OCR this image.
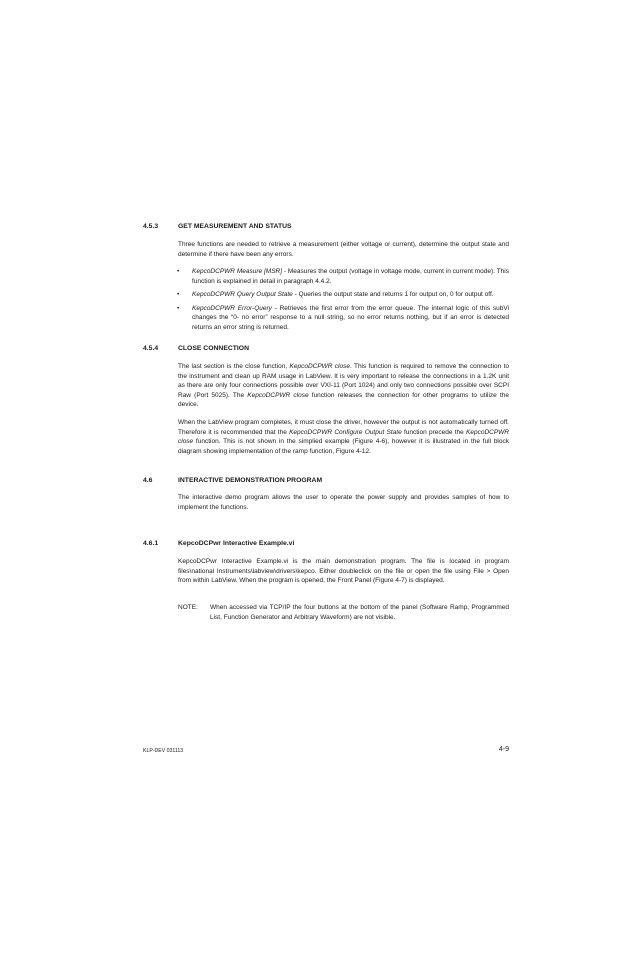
4.5.3	GET MEASUREMENT AND STATUS

Three functions are needed to retrieve a measurement (either voltage or current), determine the output state and determine if there have been any errors.

• KepcoDCPWR Measure [MSR] - Measures the output (voltage in voltage mode, current in current mode). This function is explained in detail in paragraph 4.4.2.
• KepcoDCPWR Query Output State - Queries the output state and returns 1 for output on, 0 for output off.
• KepcoDCPWR Error-Query - Retrieves the first error from the error queue. The internal logic of this subVi changes the “0- no error” response to a null string, so no error returns nothing, but if an error is detected returns an error string is returned.
4.5.4	CLOSE CONNECTION

The last section is the close function, KepcoDCPWR close. This function is required to remove the connection to the instrument and clean up RAM usage in LabView. It is very important to release the connections in a 1.2K unit as there are only four connections possible over VXI-11 (Port 1024) and only two connections possible over SCPI Raw (Port 5025). The KepcoDCPWR close function releases the connection for other programs to utilize the device.

When the LabView program completes, it must close the driver, however the output is not automatically turned off. Therefore it is recommended that the KepcoDCPWR Configure Output State function precede the KepcoDCPWR close function. This is not shown in the simplied example (Figure 4-6), however it is illustrated in the full block diagram showing implementation of the ramp function, Figure 4-12.

4.6	INTERACTIVE DEMONSTRATION PROGRAM

The interactive demo program allows the user to operate the power supply and provides samples of how to implement the functions.

4.6.1	KepcoDCPwr Interactive Example.vi

KepcoDCPwr Interactive Example.vi is the main demonstration program. The file is located in program files\national Instruments\labview\drivers\kepco. Either doubleclick on the file or open the file using File > Open from within LabView. When the program is opened, the Front Panel (Figure 4-7) is displayed.

NOTE:	When accessed via TCP/IP the four buttons at the bottom of the panel (Software Ramp, Programmed List, Function Generator and Arbitrary Waveform) are not visible.
KLP-DEV 031113	4-9
